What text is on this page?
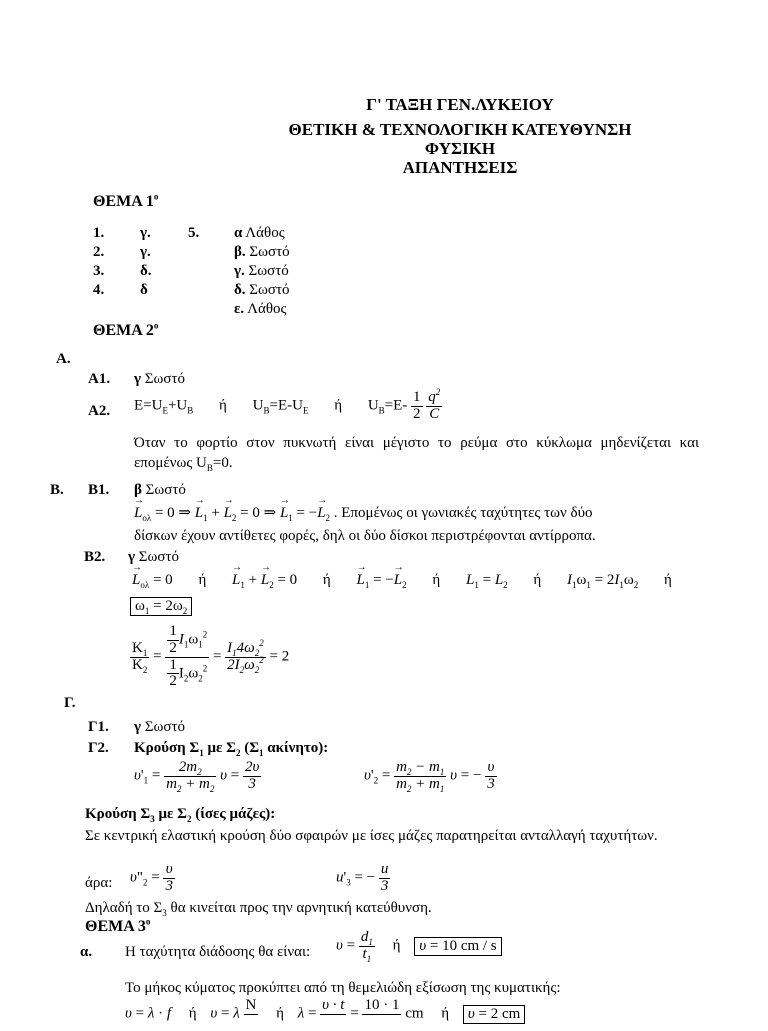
Γ' ΤΑΞΗ ΓΕΝ.ΛΥΚΕΙΟΥ
ΘΕΤΙΚΗ & ΤΕΧΝΟΛΟΓΙΚΗ ΚΑΤΕΥΘΥΝΣΗ
ΦΥΣΙΚΗ
ΑΠΑΝΤΗΣΕΙΣ
ΘΕΜΑ $1^o$
1. γ.
2. γ.
3. δ.
4. δ
5. α Λάθος
β. Σωστό
γ. Σωστό
δ. Σωστό
ε. Λάθος
ΘΕΜΑ $2^o$
Α.
Α1. γ Σωστό
Α2. $E=U_E+U_B$ ή $U_B=E-U_E$ ή $U_B=E- \frac{1}{2}$
$\frac{q^2}{C}$
Όταν το φορτίο στον πυκνωτή είναι μέγιστο το ρεύμα στο κύκλωμα μηδενίζεται και επομένως $U_B=0$.
Β. Β1. β Σωστό
→ $L_{o\lambda} = 0$ ⇒ → $L_1$ + → $L_2 = 0$ ⇒ → $L_1$ = −→ $L_2$ . Επομένως οι γωνιακές ταχύτητες των δύο
δίσκων έχουν αντίθετες φορές, δηλ οι δύο δίσκοι περιστρέφονται αντίρροπα.
Β2. γ Σωστό
→ $L_{o\lambda} = 0$ $ή \to L_1$ + → $L_2 = 0$ $ή \to L_1$ = −→ $L_2$ ή $L_1 = L_2$ ή $I_1\omega_1 = 2I_1\omega_2$ ή
$\omega_1 = 2\omega_2$
$\frac{K_1}{K_2} = \frac{\frac{1}{2} I_1\omega_1^2}{\frac{1}{2} I_2\omega_2^2} = \frac{I_14\omega_2^2}{2I_2\omega_2^2} = 2$
Γ.
Γ1. γ Σωστό
Γ2. Κρούση $\Sigma_1$ με $\Sigma_2$ ($\Sigma_1$ ακίνητο):
$\upsilon'_1 = \frac{2m_2}{m_2 + m_2}$ $\upsilon = \frac{2\upsilon}{3}$	$\upsilon'_2 = \frac{m_2 - m_1}{m_2 + m_1}$ υ = − $\frac{\upsilon}{3}$
Κρούση $\Sigma_3$ με $\Sigma_2$ (ίσες μάζες):
Σε κεντρική ελαστική κρούση δύο σφαιρών με ίσες μάζες παρατηρείται ανταλλαγή ταχυτήτων.
άρα: $\upsilon"_2 = \frac{\upsilon}{3}$	$u'_3$ = − $\frac{u}{3}$
Δηλαδή το $\Sigma_3$ θα κινείται προς την αρνητική κατεύθυνση.
ΘΕΜΑ $3^o$
α. Η ταχύτητα διάδοσης θα είναι: $\upsilon = \frac{d_1}{t_1}$ ή υ = 10 cm / s
Το μήκος κύματος προκύπτει από τη θεμελιώδη εξίσωση της κυματικής:
υ = λ · f ή υ = λ
N

ή λ =
υ · t

=
10 · 1

cm ή υ = 2 cm
